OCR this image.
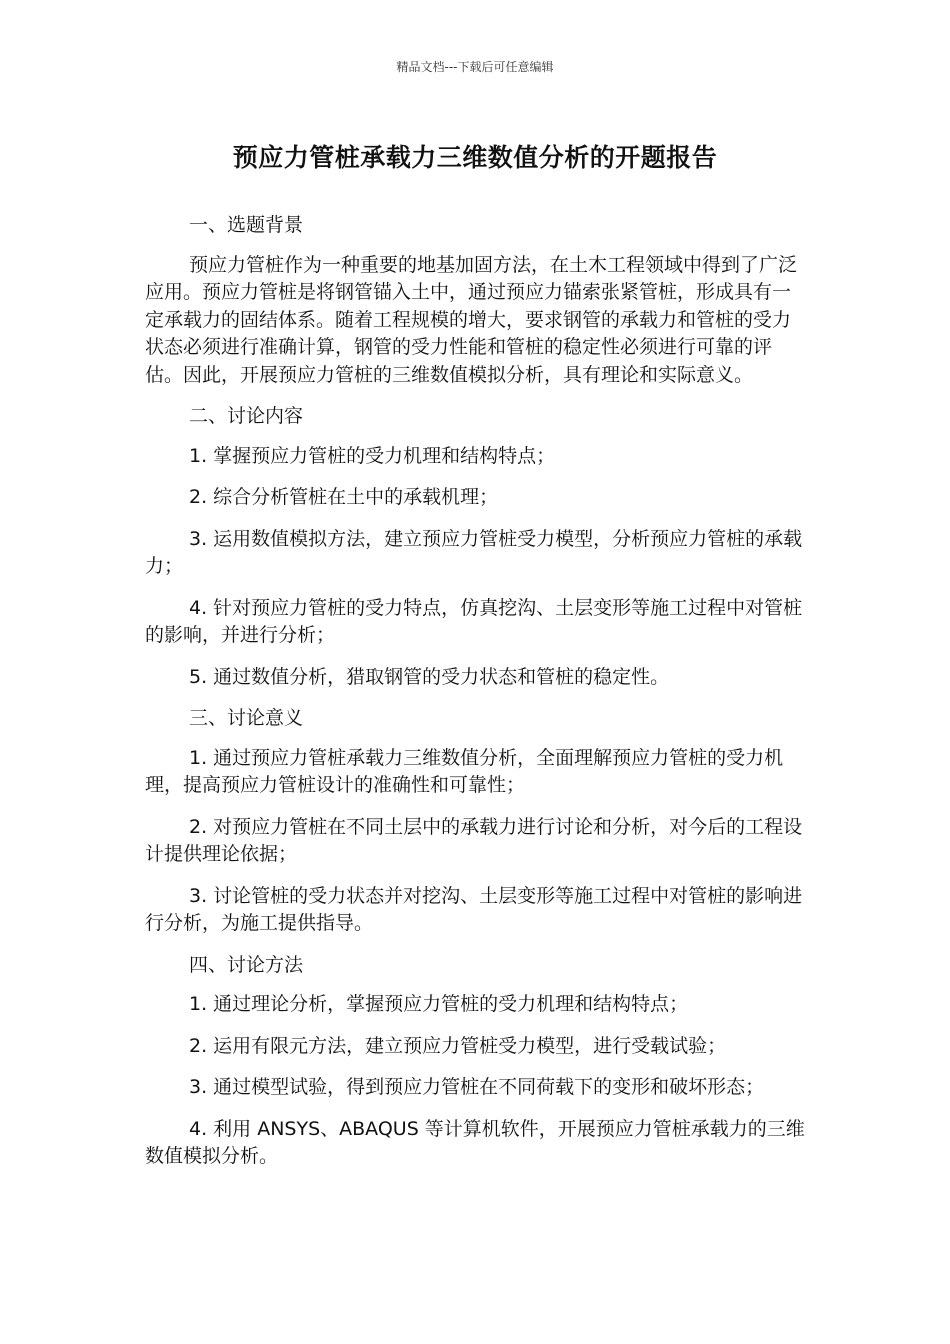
精品文档---下载后可任意编辑
预应力管桩承载力三维数值分析的开题报告

一、选题背景

预应力管桩作为一种重要的地基加固方法，在土木工程领域中得到了广泛应用。预应力管桩是将钢管锚入土中，通过预应力锚索张紧管桩，形成具有一定承载力的固结体系。随着工程规模的增大，要求钢管的承载力和管桩的受力状态必须进行准确计算，钢管的受力性能和管桩的稳定性必须进行可靠的评估。因此，开展预应力管桩的三维数值模拟分析，具有理论和实际意义。

二、讨论内容

1. 掌握预应力管桩的受力机理和结构特点；

2. 综合分析管桩在土中的承载机理；

3. 运用数值模拟方法，建立预应力管桩受力模型，分析预应力管桩的承载力；

4. 针对预应力管桩的受力特点，仿真挖沟、土层变形等施工过程中对管桩的影响，并进行分析；

5. 通过数值分析，猎取钢管的受力状态和管桩的稳定性。

三、讨论意义

1. 通过预应力管桩承载力三维数值分析，全面理解预应力管桩的受力机理，提高预应力管桩设计的准确性和可靠性；

2. 对预应力管桩在不同土层中的承载力进行讨论和分析，对今后的工程设计提供理论依据；

3. 讨论管桩的受力状态并对挖沟、土层变形等施工过程中对管桩的影响进行分析，为施工提供指导。

四、讨论方法

1. 通过理论分析，掌握预应力管桩的受力机理和结构特点；

2. 运用有限元方法，建立预应力管桩受力模型，进行受载试验；

3. 通过模型试验，得到预应力管桩在不同荷载下的变形和破坏形态；

4. 利用 ANSYS、ABAQUS 等计算机软件，开展预应力管桩承载力的三维数值模拟分析。
